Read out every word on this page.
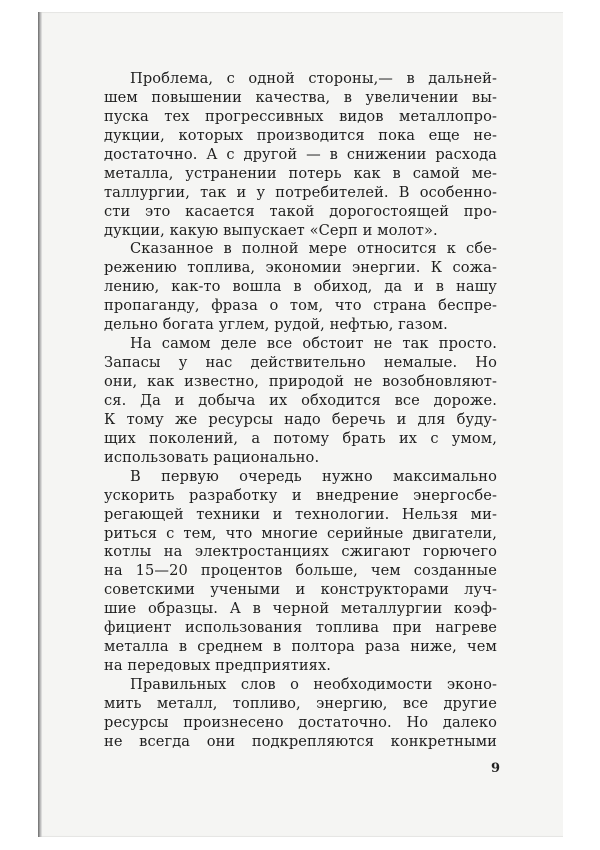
Проблема, с одной стороны,— в дальней-
шем повышении качества, в увеличении вы-
пуска тех прогрессивных видов металлопро-
дукции, которых производится пока еще не-
достаточно. А с другой — в снижении расхода
металла, устранении потерь как в самой ме-
таллургии, так и у потребителей. В особенно-
сти это касается такой дорогостоящей про-
дукции, какую выпускает «Серп и молот».
Сказанное в полной мере относится к сбе-
режению топлива, экономии энергии. К сожа-
лению, как-то вошла в обиход, да и в нашу
пропаганду, фраза о том, что страна беспре-
дельно богата углем, рудой, нефтью, газом.
На самом деле все обстоит не так просто.
Запасы у нас действительно немалые. Но
они, как известно, природой не возобновляют-
ся. Да и добыча их обходится все дороже.
К тому же ресурсы надо беречь и для буду-
щих поколений, а потому брать их с умом,
использовать рационально.
В первую очередь нужно максимально
ускорить разработку и внедрение энергосбе-
регающей техники и технологии. Нельзя ми-
риться с тем, что многие серийные двигатели,
котлы на электростанциях сжигают горючего
на 15—20 процентов больше, чем созданные
советскими учеными и конструкторами луч-
шие образцы. А в черной металлургии коэф-
фициент использования топлива при нагреве
металла в среднем в полтора раза ниже, чем
на передовых предприятиях.
Правильных слов о необходимости эконо-
мить металл, топливо, энергию, все другие
ресурсы произнесено достаточно. Но далеко
не всегда они подкрепляются конкретными
9
